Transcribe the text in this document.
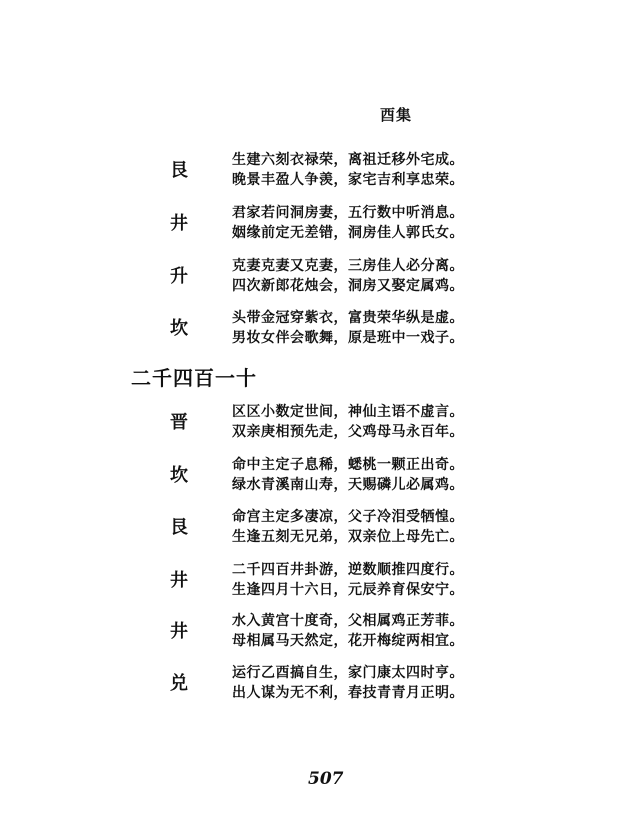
酉集
艮	生建六刻衣禄荣，离祖迁移外宅成。
晚景丰盈人争羡，家宅吉利享忠荣。
井	君家若问洞房妻，五行数中听消息。
姻缘前定无差错，洞房佳人郭氏女。
升	克妻克妻又克妻，三房佳人必分离。
四次新郎花烛会，洞房又娶定属鸡。
坎	头带金冠穿紫衣，富贵荣华纵是虚。
男妆女伴会歌舞，原是班中一戏子。
二千四百一十
晋	区区小数定世间，神仙主语不虚言。
双亲庚相预先走，父鸡母马永百年。
坎	命中主定子息稀，蟋桃一颗正出奇。
绿水青溪南山寿，天赐磷儿必属鸡。
艮	命宫主定多凄凉，父子冷泪受牺惶。
生逢五刻无兄弟，双亲位上母先亡。
井	二千四百井卦游，逆数顺推四度行。
生逢四月十六日，元辰养育保安宁。
井	水入黄宫十度奇，父相属鸡正芳菲。
母相属马天然定，花开梅绽两相宜。
兑	运行乙酉搞自生，家门康太四时亨。
出人谋为无不利，春技青青月正明。
507
